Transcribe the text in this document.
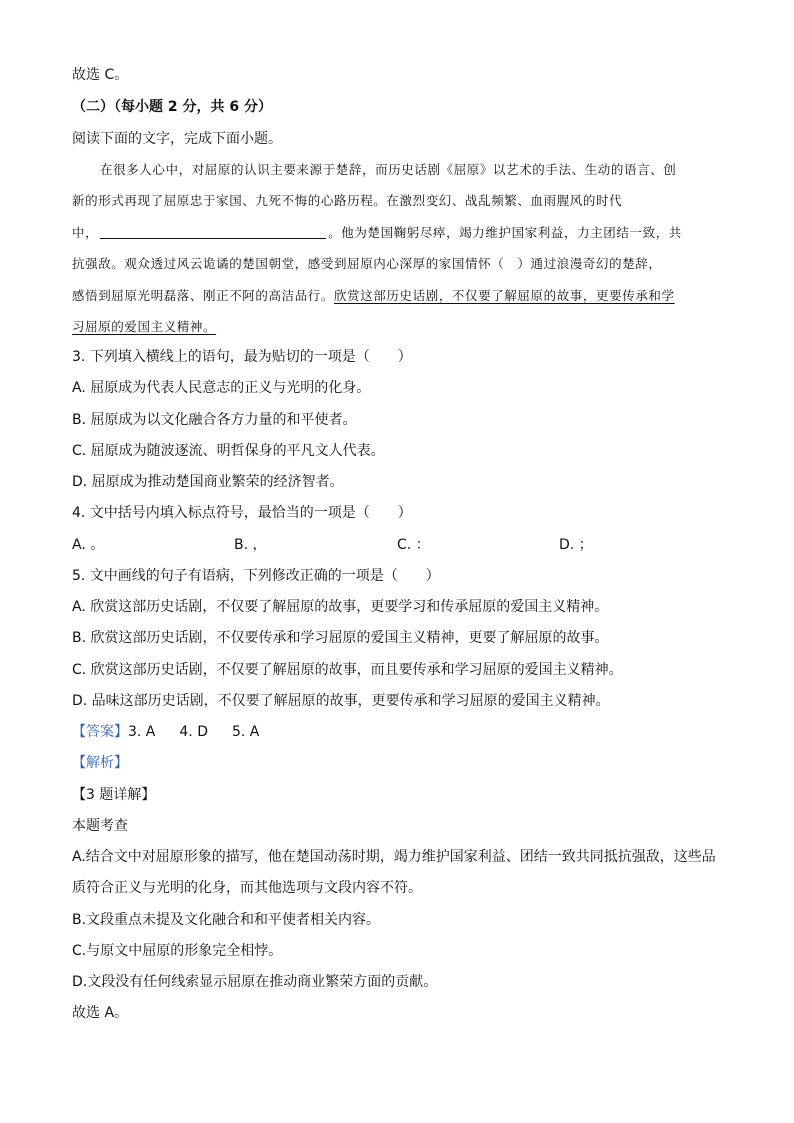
故选 C。
（二）（每小题 2 分，共 6 分）
阅读下面的文字，完成下面小题。
在很多人心中，对屈原的认识主要来源于楚辞，而历史话剧《屈原》以艺术的手法、生动的语言、创
新的形式再现了屈原忠于家国、九死不悔的心路历程。在激烈变幻、战乱频繁、血雨腥风的时代
中，	。他为楚国鞠躬尽瘁，竭力维护国家利益，力主团结一致，共
抗强敌。观众透过风云诡谲的楚国朝堂，感受到屈原内心深厚的家国情怀（　）通过浪漫奇幻的楚辞，
感悟到屈原光明磊落、刚正不阿的高洁品行。欣赏这部历史话剧，不仅要了解屈原的故事，更要传承和学
习屈原的爱国主义精神。
3. 下列填入横线上的语句，最为贴切的一项是（　　）
A. 屈原成为代表人民意志的正义与光明的化身。
B. 屈原成为以文化融合各方力量的和平使者。
C. 屈原成为随波逐流、明哲保身的平凡文人代表。
D. 屈原成为推动楚国商业繁荣的经济智者。
4. 文中括号内填入标点符号，最恰当的一项是（　　）
A. 。	B. ，	C. ：	D. ；
5. 文中画线的句子有语病，下列修改正确的一项是（　　）
A. 欣赏这部历史话剧，不仅要了解屈原的故事，更要学习和传承屈原的爱国主义精神。
B. 欣赏这部历史话剧，不仅要传承和学习屈原的爱国主义精神，更要了解屈原的故事。
C. 欣赏这部历史话剧，不仅要了解屈原的故事，而且要传承和学习屈原的爱国主义精神。
D. 品味这部历史话剧，不仅要了解屈原的故事，更要传承和学习屈原的爱国主义精神。
【答案】3. A 4. D 5. A
【解析】
【3 题详解】
本题考查
A.结合文中对屈原形象的描写，他在楚国动荡时期，竭力维护国家利益、团结一致共同抵抗强敌，这些品
质符合正义与光明的化身，而其他选项与文段内容不符。
B.文段重点未提及文化融合和和平使者相关内容。
C.与原文中屈原的形象完全相悖。
D.文段没有任何线索显示屈原在推动商业繁荣方面的贡献。
故选 A。
